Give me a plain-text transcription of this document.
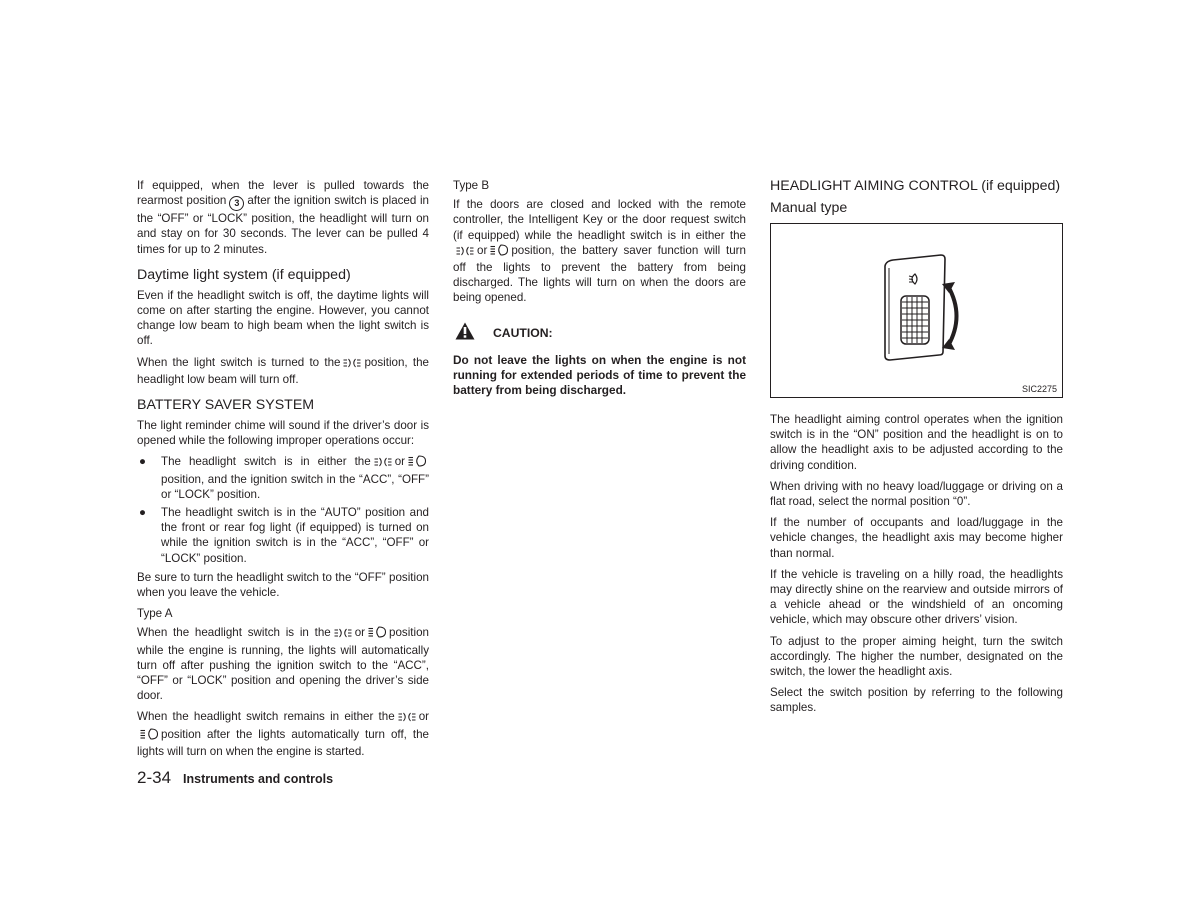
If equipped, when the lever is pulled towards the rearmost position 3 after the ignition switch is placed in the “OFF” or “LOCK” position, the headlight will turn on and stay on for 30 seconds. The lever can be pulled 4 times for up to 2 minutes.

Daytime light system (if equipped)

Even if the headlight switch is off, the daytime lights will come on after starting the engine. However, you cannot change low beam to high beam when the light switch is off.

When the light switch is turned to the position, the headlight low beam will turn off.

BATTERY SAVER SYSTEM

The light reminder chime will sound if the driver’s door is opened while the following improper operations occur:

● The headlight switch is in either the orposition, and the ignition switch in the “ACC”, “OFF” or “LOCK” position.
● The headlight switch is in the “AUTO” position and the front or rear fog light (if equipped) is turned on while the ignition switch is in the “ACC”, “OFF” or “LOCK” position.

Be sure to turn the headlight switch to the “OFF” position when you leave the vehicle.

Type A

When the headlight switch is in the or position while the engine is running, the lights will automatically turn off after pushing the ignition switch to the “ACC”, “OFF” or “LOCK” position and opening the driver’s side door.

When the headlight switch remains in either the orposition after the lights automatically turn off, the lights will turn on when the engine is started.

Type B

If the doors are closed and locked with the remote controller, the Intelligent Key or the door request switch (if equipped) while the headlight switch is in either theor position, the battery saver function will turn off the lights to prevent the battery from being discharged. The lights will turn on when the doors are being opened.

CAUTION:

Do not leave the lights on when the engine is not running for extended periods of time to prevent the battery from being discharged.

HEADLIGHT AIMING CONTROL (if equipped)
Manual type
SIC2275

The headlight aiming control operates when the ignition switch is in the “ON” position and the headlight is on to allow the headlight axis to be adjusted according to the driving condition.

When driving with no heavy load/luggage or driving on a flat road, select the normal position “0”.

If the number of occupants and load/luggage in the vehicle changes, the headlight axis may become higher than normal.

If the vehicle is traveling on a hilly road, the headlights may directly shine on the rearview and outside mirrors of a vehicle ahead or the windshield of an oncoming vehicle, which may obscure other drivers’ vision.

To adjust to the proper aiming height, turn the switch accordingly. The higher the number, designated on the switch, the lower the headlight axis.

Select the switch position by referring to the following samples.

2-34 Instruments and controls
